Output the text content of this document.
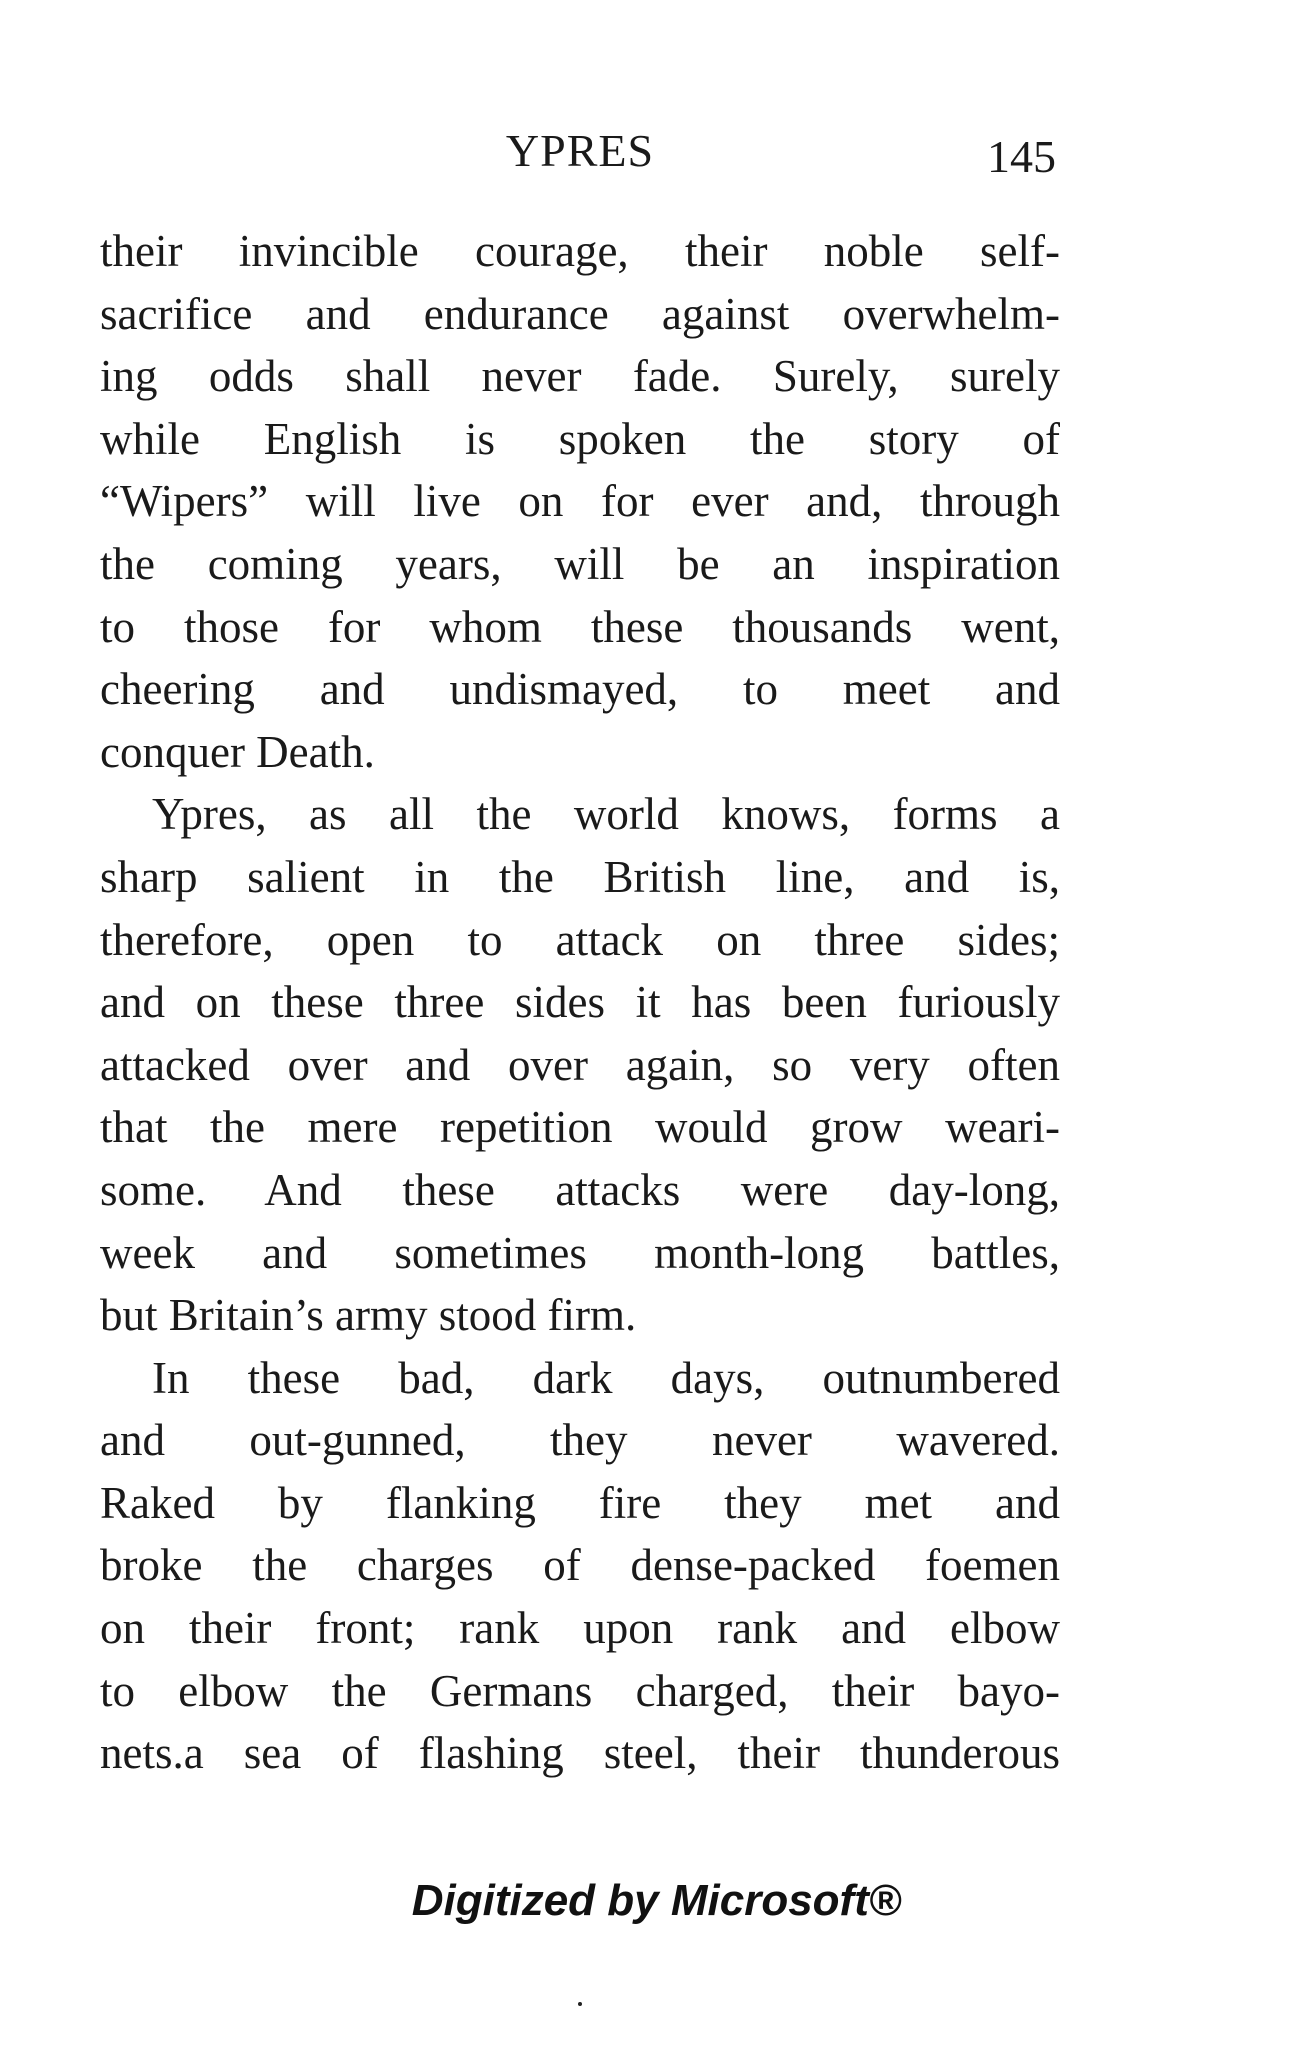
YPRES	145
their invincible courage, their noble self-
sacrifice and endurance against overwhelm-
ing odds shall never fade. Surely, surely
while English is spoken the story of
“Wipers” will live on for ever and, through
the coming years, will be an inspiration
to those for whom these thousands went,
cheering and undismayed, to meet and
conquer Death.
Ypres, as all the world knows, forms a
sharp salient in the British line, and is,
therefore, open to attack on three sides;
and on these three sides it has been furiously
attacked over and over again, so very often
that the mere repetition would grow weari-
some. And these attacks were day-long,
week and sometimes month-long battles,
but Britain’s army stood firm.
In these bad, dark days, outnumbered
and out-gunned, they never wavered.
Raked by flanking fire they met and
broke the charges of dense-packed foemen
on their front; rank upon rank and elbow
to elbow the Germans charged, their bayo-
nets.a sea of flashing steel, their thunderous
Digitized by Microsoft®
